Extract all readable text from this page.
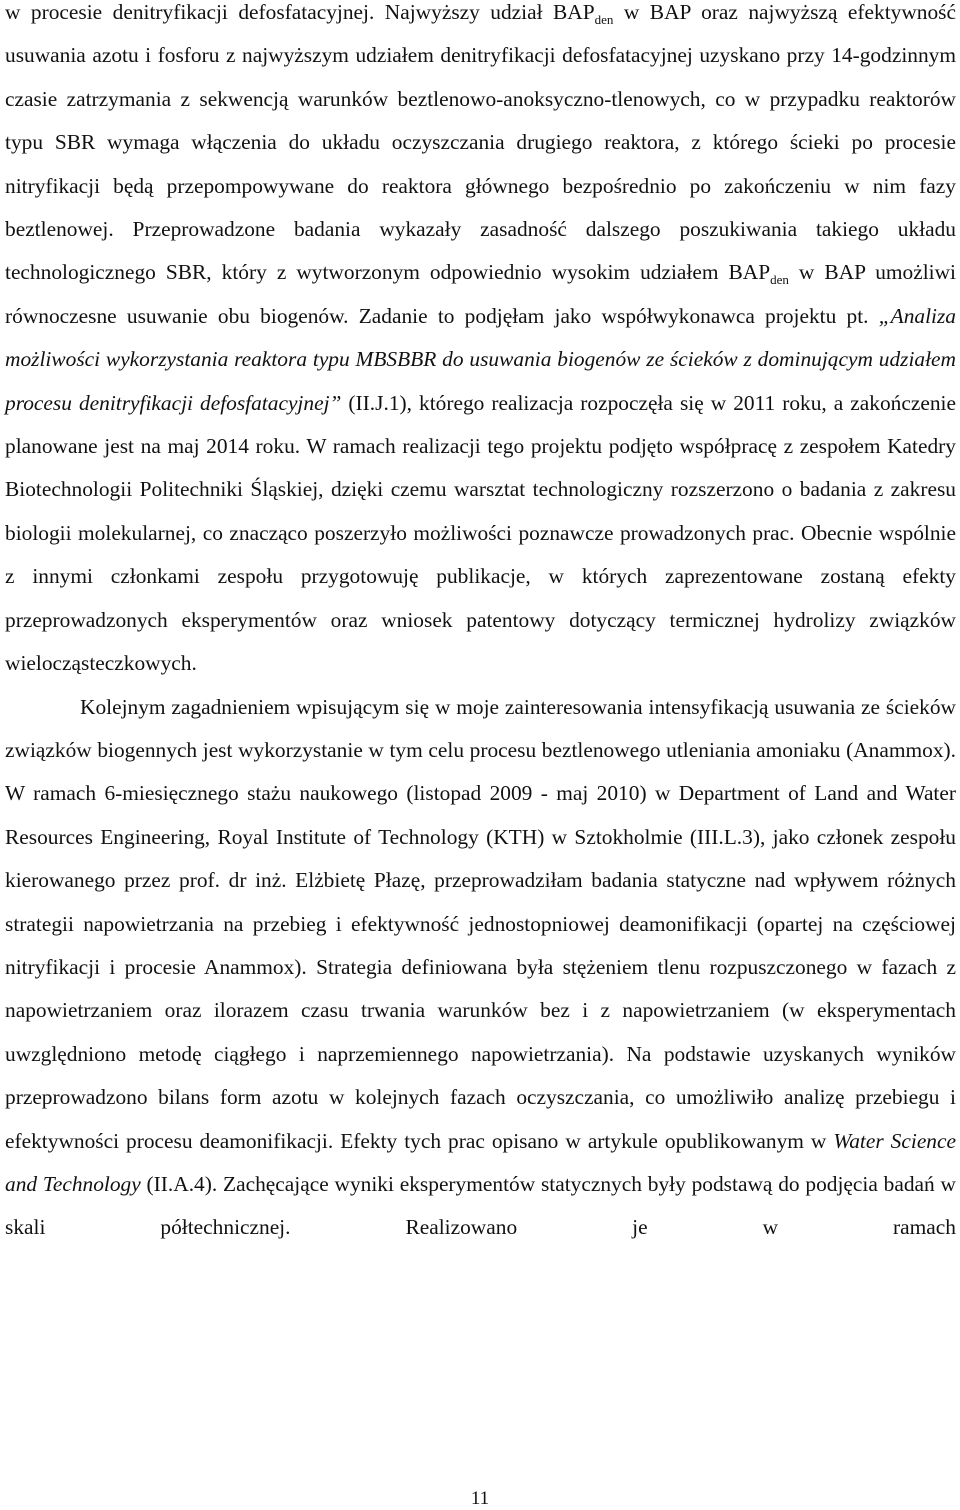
w procesie denitryfikacji defosfatacyjnej. Najwyższy udział $BAP_{den}$ w BAP oraz najwyższą efektywność usuwania azotu i fosforu z najwyższym udziałem denitryfikacji defosfatacyjnej uzyskano przy 14-godzinnym czasie zatrzymania z sekwencją warunków beztlenowo-anoksyczno-tlenowych, co w przypadku reaktorów typu SBR wymaga włączenia do układu oczyszczania drugiego reaktora, z którego ścieki po procesie nitryfikacji będą przepompowywane do reaktora głównego bezpośrednio po zakończeniu w nim fazy beztlenowej. Przeprowadzone badania wykazały zasadność dalszego poszukiwania takiego układu technologicznego SBR, który z wytworzonym odpowiednio wysokim udziałem $BAP_{den}$ w BAP umożliwi równoczesne usuwanie obu biogenów. Zadanie to podjęłam jako współwykonawca projektu pt. „Analiza możliwości wykorzystania reaktora typu MBSBBR do usuwania biogenów ze ścieków z dominującym udziałem procesu denitryfikacji defosfatacyjnej” (II.J.1), którego realizacja rozpoczęła się w 2011 roku, a zakończenie planowane jest na maj 2014 roku. W ramach realizacji tego projektu podjęto współpracę z zespołem Katedry Biotechnologii Politechniki Śląskiej, dzięki czemu warsztat technologiczny rozszerzono o badania z zakresu biologii molekularnej, co znacząco poszerzyło możliwości poznawcze prowadzonych prac. Obecnie wspólnie z innymi członkami zespołu przygotowuję publikacje, w których zaprezentowane zostaną efekty przeprowadzonych eksperymentów oraz wniosek patentowy dotyczący termicznej hydrolizy związków wielocząsteczkowych.

Kolejnym zagadnieniem wpisującym się w moje zainteresowania intensyfikacją usuwania ze ścieków związków biogennych jest wykorzystanie w tym celu procesu beztlenowego utleniania amoniaku (Anammox). W ramach 6-miesięcznego stażu naukowego (listopad 2009 - maj 2010) w Department of Land and Water Resources Engineering, Royal Institute of Technology (KTH) w Sztokholmie (III.L.3), jako członek zespołu kierowanego przez prof. dr inż. Elżbietę Płazę, przeprowadziłam badania statyczne nad wpływem różnych strategii napowietrzania na przebieg i efektywność jednostopniowej deamonifikacji (opartej na częściowej nitryfikacji i procesie Anammox). Strategia definiowana była stężeniem tlenu rozpuszczonego w fazach z napowietrzaniem oraz ilorazem czasu trwania warunków bez i z napowietrzaniem (w eksperymentach uwzględniono metodę ciągłego i naprzemiennego napowietrzania). Na podstawie uzyskanych wyników przeprowadzono bilans form azotu w kolejnych fazach oczyszczania, co umożliwiło analizę przebiegu i efektywności procesu deamonifikacji. Efekty tych prac opisano w artykule opublikowanym w Water Science and Technology (II.A.4). Zachęcające wyniki eksperymentów statycznych były podstawą do podjęcia badań w skali półtechnicznej. Realizowano je w ramach

11
